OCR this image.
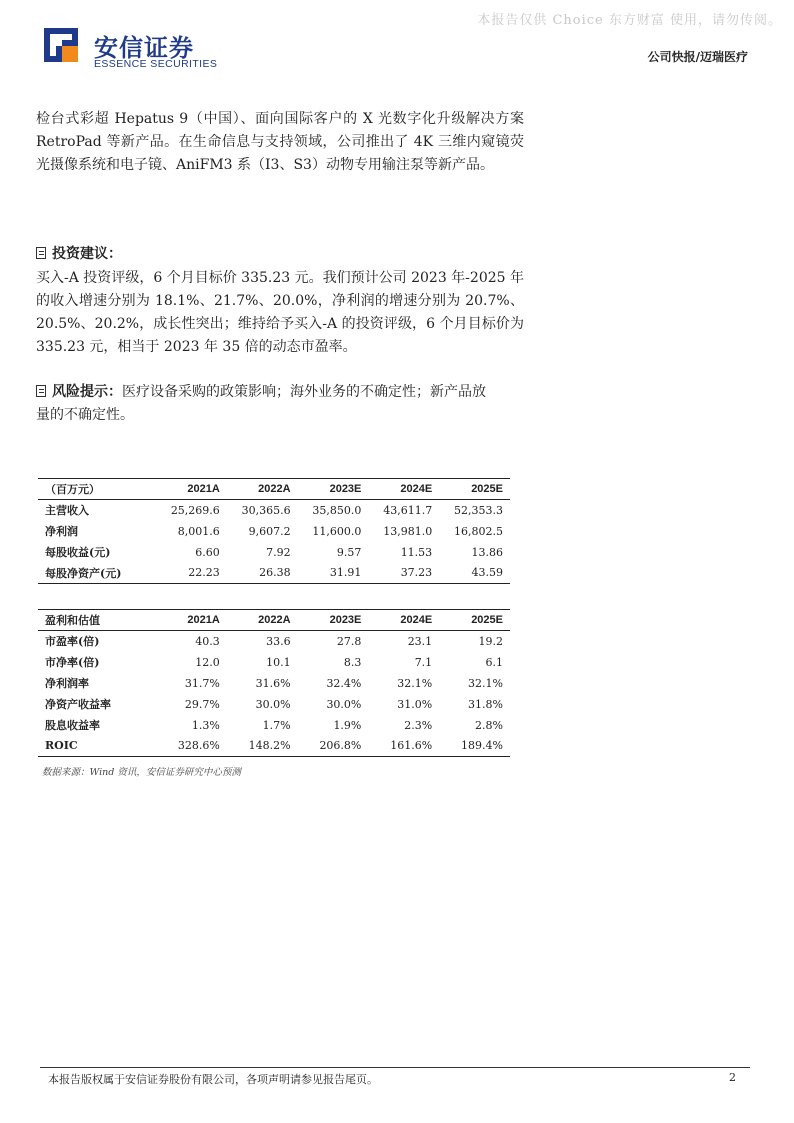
本报告仅供 Choice 东方财富 使用，请勿传阅。
安信证券
ESSENCE SECURITIES	公司快报/迈瑞医疗
检台式彩超 Hepatus 9（中国）、面向国际客户的 X 光数字化升级解决方案 RetroPad 等新产品。在生命信息与支持领域，公司推出了 4K 三维内窥镜荧光摄像系统和电子镜、AniFM3 系（I3、S3）动物专用输注泵等新产品。
投资建议：
买入-A 投资评级，6 个月目标价 335.23 元。我们预计公司 2023 年-2025 年的收入增速分别为 18.1%、21.7%、20.0%，净利润的增速分别为 20.7%、20.5%、20.2%，成长性突出；维持给予买入-A 的投资评级，6 个月目标价为 335.23 元，相当于 2023 年 35 倍的动态市盈率。
风险提示：医疗设备采购的政策影响；海外业务的不确定性；新产品放量的不确定性。
（百万元）	2021A	2022A	2023E	2024E	2025E
主营收入	25,269.6	30,365.6	35,850.0	43,611.7	52,353.3
净利润	8,001.6	9,607.2	11,600.0	13,981.0	16,802.5
每股收益(元)	6.60	7.92	9.57	11.53	13.86
每股净资产(元)	22.23	26.38	31.91	37.23	43.59
盈利和估值	2021A	2022A	2023E	2024E	2025E
市盈率(倍)	40.3	33.6	27.8	23.1	19.2
市净率(倍)	12.0	10.1	8.3	7.1	6.1
净利润率	31.7%	31.6%	32.4%	32.1%	32.1%
净资产收益率	29.7%	30.0%	30.0%	31.0%	31.8%
股息收益率	1.3%	1.7%	1.9%	2.3%	2.8%
ROIC	328.6%	148.2%	206.8%	161.6%	189.4%
数据来源：Wind 资讯，安信证券研究中心预测
本报告版权属于安信证券股份有限公司，各项声明请参见报告尾页。	2
